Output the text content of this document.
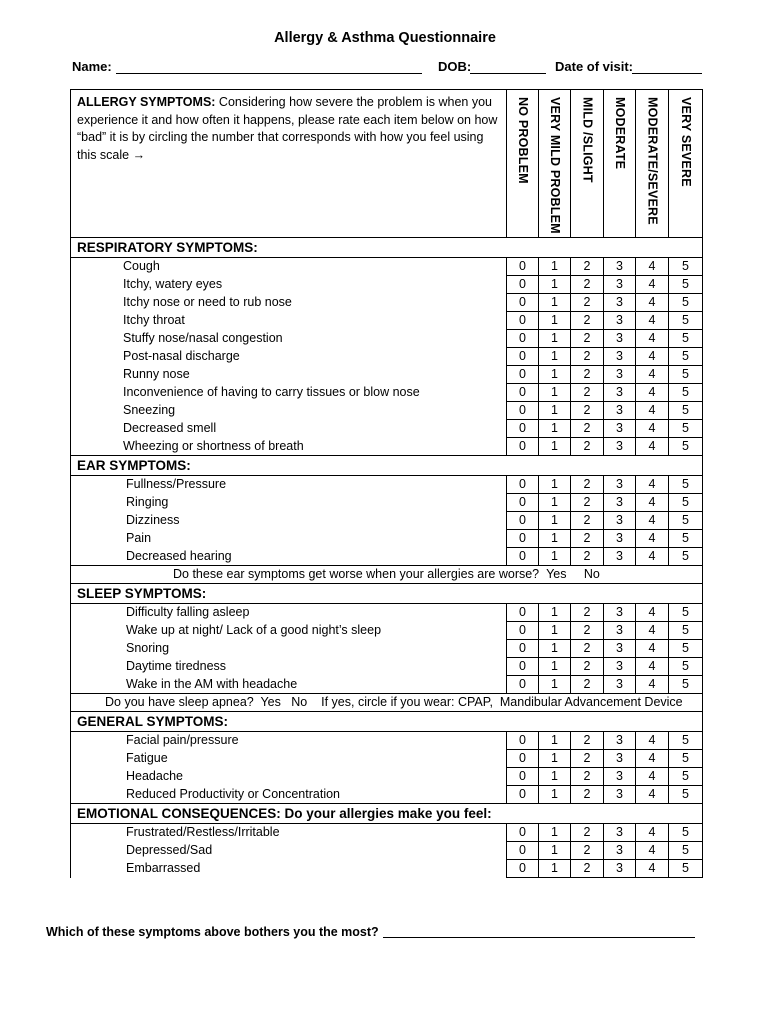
Allergy & Asthma Questionnaire
Name:	DOB:	Date of visit:
ALLERGY SYMPTOMS: Considering how severe the problem is when you experience it and how often it happens, please rate each item below on how “bad” it is by circling the number that corresponds with how you feel using this scale →	NO PROBLEM	VERY MILD PROBLEM	MILD /SLIGHT	MODERATE	MODERATE/SEVERE	VERY SEVERE

RESPIRATORY SYMPTOMS:						
Cough	0	1	2	3	4	5
Itchy, watery eyes	0	1	2	3	4	5
Itchy nose or need to rub nose	0	1	2	3	4	5
Itchy throat	0	1	2	3	4	5
Stuffy nose/nasal congestion	0	1	2	3	4	5
Post-nasal discharge	0	1	2	3	4	5
Runny nose	0	1	2	3	4	5
Inconvenience of having to carry tissues or blow nose	0	1	2	3	4	5
Sneezing	0	1	2	3	4	5
Decreased smell	0	1	2	3	4	5
Wheezing or shortness of breath	0	1	2	3	4	5
EAR SYMPTOMS:						
Fullness/Pressure	0	1	2	3	4	5
Ringing	0	1	2	3	4	5
Dizziness	0	1	2	3	4	5
Pain	0	1	2	3	4	5
Decreased hearing	0	1	2	3	4	5
Do these ear symptoms get worse when your allergies are worse? Yes No						
SLEEP SYMPTOMS:						
Difficulty falling asleep	0	1	2	3	4	5
Wake up at night/ Lack of a good night’s sleep	0	1	2	3	4	5
Snoring	0	1	2	3	4	5
Daytime tiredness	0	1	2	3	4	5
Wake in the AM with headache	0	1	2	3	4	5
Do you have sleep apnea?  Yes   No    If yes, circle if you wear: CPAP,  Mandibular Advancement Device						
GENERAL SYMPTOMS:						
Facial pain/pressure	0	1	2	3	4	5
Fatigue	0	1	2	3	4	5
Headache	0	1	2	3	4	5
Reduced Productivity or Concentration	0	1	2	3	4	5
EMOTIONAL CONSEQUENCES: Do your allergies make you feel:						
Frustrated/Restless/Irritable	0	1	2	3	4	5
Depressed/Sad	0	1	2	3	4	5
Embarrassed	0	1	2	3	4	5
Which of these symptoms above bothers you the most?
